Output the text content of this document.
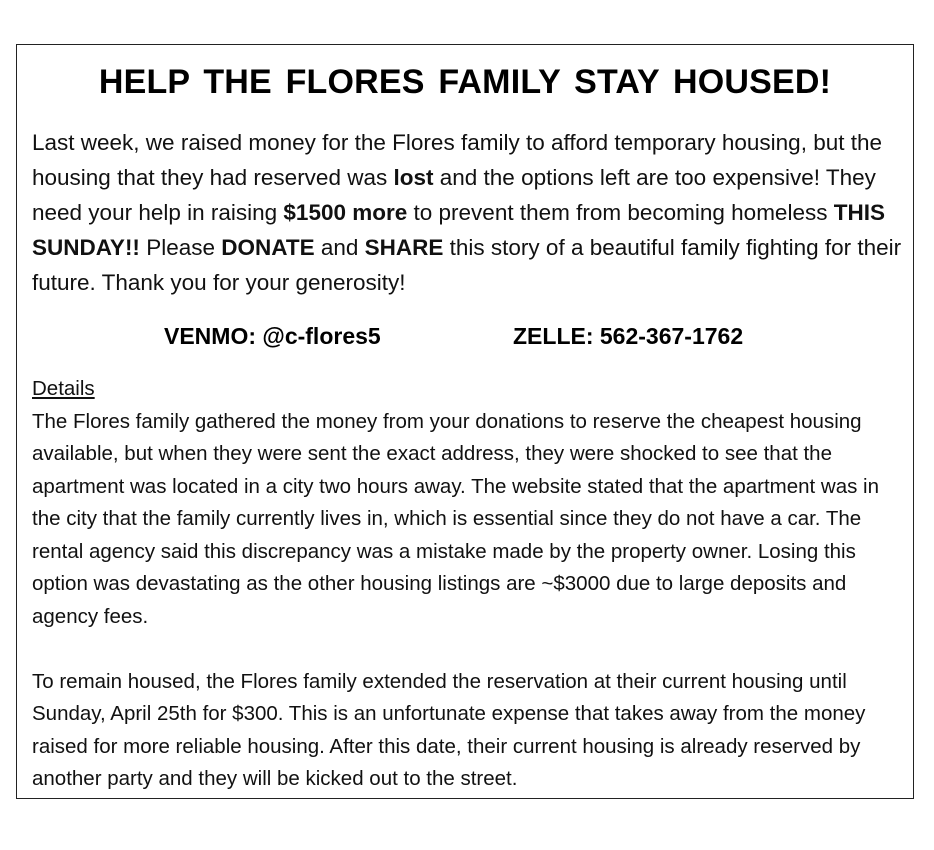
HELP THE FLORES FAMILY STAY HOUSED!
Last week, we raised money for the Flores family to afford temporary housing, but the housing that they had reserved was lost and the options left are too expensive! They need your help in raising $1500 more to prevent them from becoming homeless THIS SUNDAY!! Please DONATE and SHARE this story of a beautiful family fighting for their future. Thank you for your generosity!
VENMO: @c-flores5	ZELLE: 562-367-1762
Details

The Flores family gathered the money from your donations to reserve the cheapest housing available, but when they were sent the exact address, they were shocked to see that the apartment was located in a city two hours away. The website stated that the apartment was in the city that the family currently lives in, which is essential since they do not have a car. The rental agency said this discrepancy was a mistake made by the property owner. Losing this option was devastating as the other housing listings are ~$3000 due to large deposits and agency fees.

To remain housed, the Flores family extended the reservation at their current housing until Sunday, April 25th for $300. This is an unfortunate expense that takes away from the money raised for more reliable housing. After this date, their current housing is already reserved by another party and they will be kicked out to the street.
